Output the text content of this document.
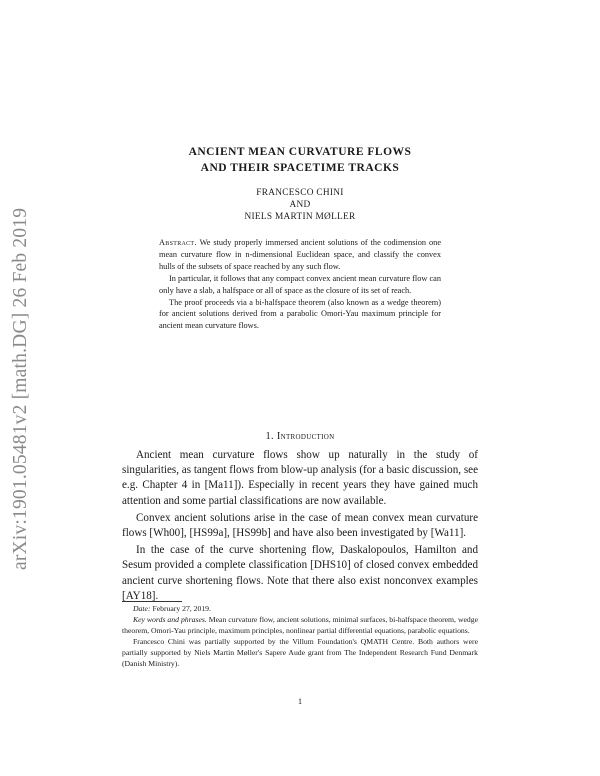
arXiv:1901.05481v2 [math.DG] 26 Feb 2019
ANCIENT MEAN CURVATURE FLOWS
AND THEIR SPACETIME TRACKS
FRANCESCO CHINI
AND
NIELS MARTIN MØLLER

Abstract. We study properly immersed ancient solutions of the codimension one mean curvature flow in n-dimensional Euclidean space, and classify the convex hulls of the subsets of space reached by any such flow.

In particular, it follows that any compact convex ancient mean curvature flow can only have a slab, a halfspace or all of space as the closure of its set of reach.

The proof proceeds via a bi-halfspace theorem (also known as a wedge theorem) for ancient solutions derived from a parabolic Omori-Yau maximum principle for ancient mean curvature flows.

1. Introduction

Ancient mean curvature flows show up naturally in the study of singularities, as tangent flows from blow-up analysis (for a basic discussion, see e.g. Chapter 4 in [Ma11]). Especially in recent years they have gained much attention and some partial classifications are now available.

Convex ancient solutions arise in the case of mean convex mean curvature flows [Wh00], [HS99a], [HS99b] and have also been investigated by [Wa11].

In the case of the curve shortening flow, Daskalopoulos, Hamilton and Sesum provided a complete classification [DHS10] of closed convex embedded ancient curve shortening flows. Note that there also exist nonconvex examples [AY18].

Date: February 27, 2019.

Key words and phrases. Mean curvature flow, ancient solutions, minimal surfaces, bi-halfspace theorem, wedge theorem, Omori-Yau principle, maximum principles, nonlinear partial differential equations, parabolic equations.

Francesco Chini was partially supported by the Villum Foundation's QMATH Centre. Both authors were partially supported by Niels Martin Møller's Sapere Aude grant from The Independent Research Fund Denmark (Danish Ministry).

1
